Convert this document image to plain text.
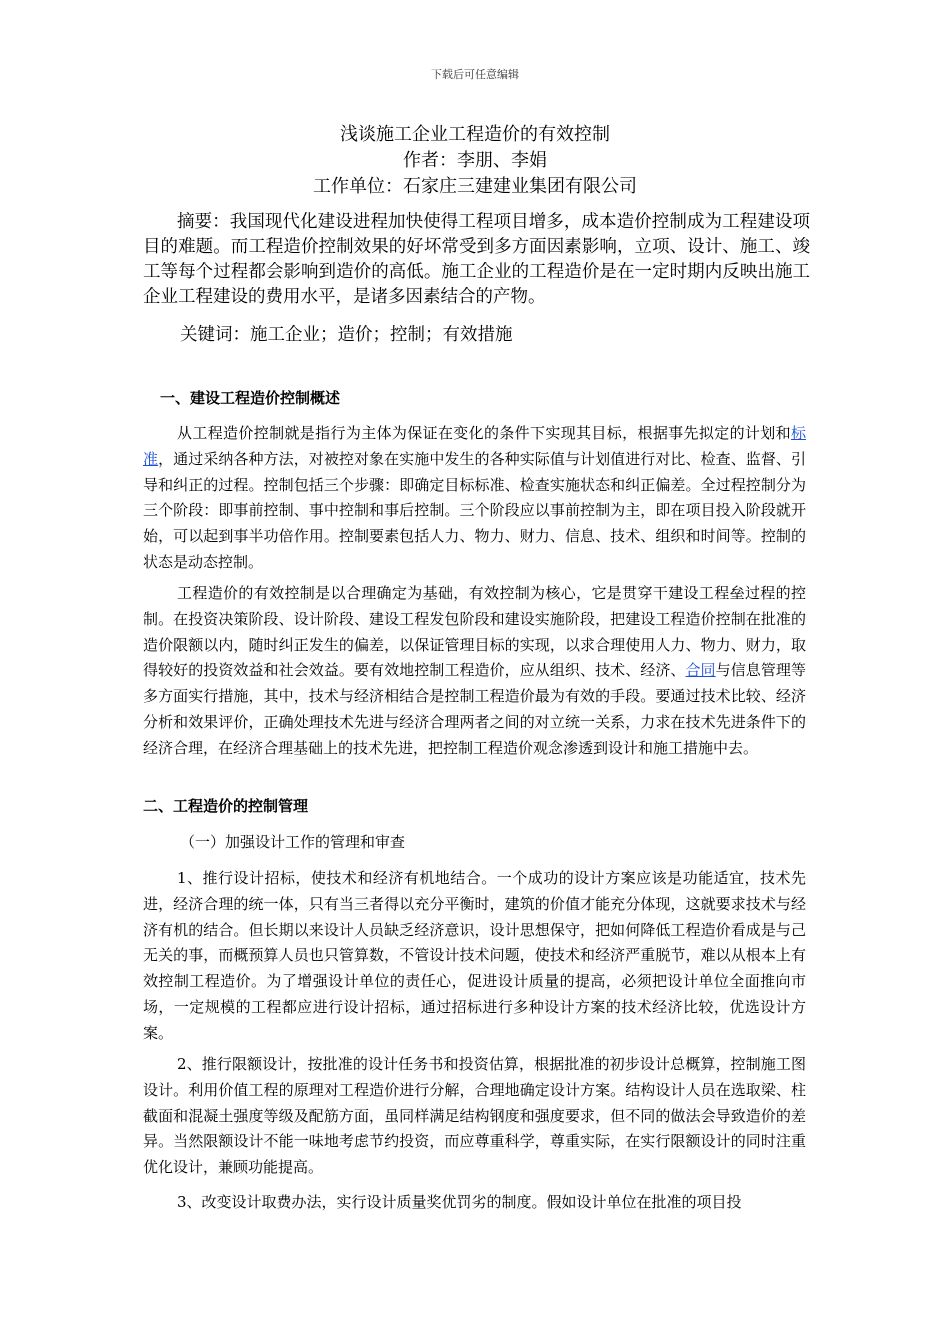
下载后可任意编辑
浅谈施工企业工程造价的有效控制
作者：李朋、李娟
工作单位：石家庄三建建业集团有限公司
摘要：我国现代化建设进程加快使得工程项目增多，成本造价控制成为工程建设项目的难题。而工程造价控制效果的好坏常受到多方面因素影响，立项、设计、施工、竣工等每个过程都会影响到造价的高低。施工企业的工程造价是在一定时期内反映出施工企业工程建设的费用水平，是诸多因素结合的产物。
关键词：施工企业；造价；控制；有效措施
一、建设工程造价控制概述
从工程造价控制就是指行为主体为保证在变化的条件下实现其目标，根据事先拟定的计划和标准，通过采纳各种方法，对被控对象在实施中发生的各种实际值与计划值进行对比、检查、监督、引导和纠正的过程。控制包括三个步骤：即确定目标标准、检查实施状态和纠正偏差。全过程控制分为三个阶段：即事前控制、事中控制和事后控制。三个阶段应以事前控制为主，即在项目投入阶段就开始，可以起到事半功倍作用。控制要素包括人力、物力、财力、信息、技术、组织和时间等。控制的状态是动态控制。
工程造价的有效控制是以合理确定为基础，有效控制为核心，它是贯穿干建设工程垒过程的控制。在投资决策阶段、设计阶段、建设工程发包阶段和建设实施阶段，把建设工程造价控制在批准的造价限额以内，随时纠正发生的偏差，以保证管理目标的实现，以求合理使用人力、物力、财力，取得较好的投资效益和社会效益。要有效地控制工程造价，应从组织、技术、经济、合同与信息管理等多方面实行措施，其中，技术与经济相结合是控制工程造价最为有效的手段。要通过技术比较、经济分析和效果评价，正确处理技术先进与经济合理两者之间的对立统一关系，力求在技术先进条件下的经济合理，在经济合理基础上的技术先进，把控制工程造价观念渗透到设计和施工措施中去。
二、工程造价的控制管理
（一）加强设计工作的管理和审查
1、推行设计招标，使技术和经济有机地结合。一个成功的设计方案应该是功能适宜，技术先进，经济合理的统一体，只有当三者得以充分平衡时，建筑的价值才能充分体现，这就要求技术与经济有机的结合。但长期以来设计人员缺乏经济意识，设计思想保守，把如何降低工程造价看成是与己无关的事，而概预算人员也只管算数，不管设计技术问题，使技术和经济严重脱节，难以从根本上有效控制工程造价。为了增强设计单位的责任心，促进设计质量的提高，必须把设计单位全面推向市场，一定规模的工程都应进行设计招标，通过招标进行多种设计方案的技术经济比较，优选设计方案。
2、推行限额设计，按批准的设计任务书和投资估算，根据批准的初步设计总概算，控制施工图设计。利用价值工程的原理对工程造价进行分解，合理地确定设计方案。结构设计人员在选取梁、柱截面和混凝土强度等级及配筋方面，虽同样满足结构钢度和强度要求，但不同的做法会导致造价的差异。当然限额设计不能一味地考虑节约投资，而应尊重科学，尊重实际，在实行限额设计的同时注重优化设计，兼顾功能提高。
3、改变设计取费办法，实行设计质量奖优罚劣的制度。假如设计单位在批准的项目投
